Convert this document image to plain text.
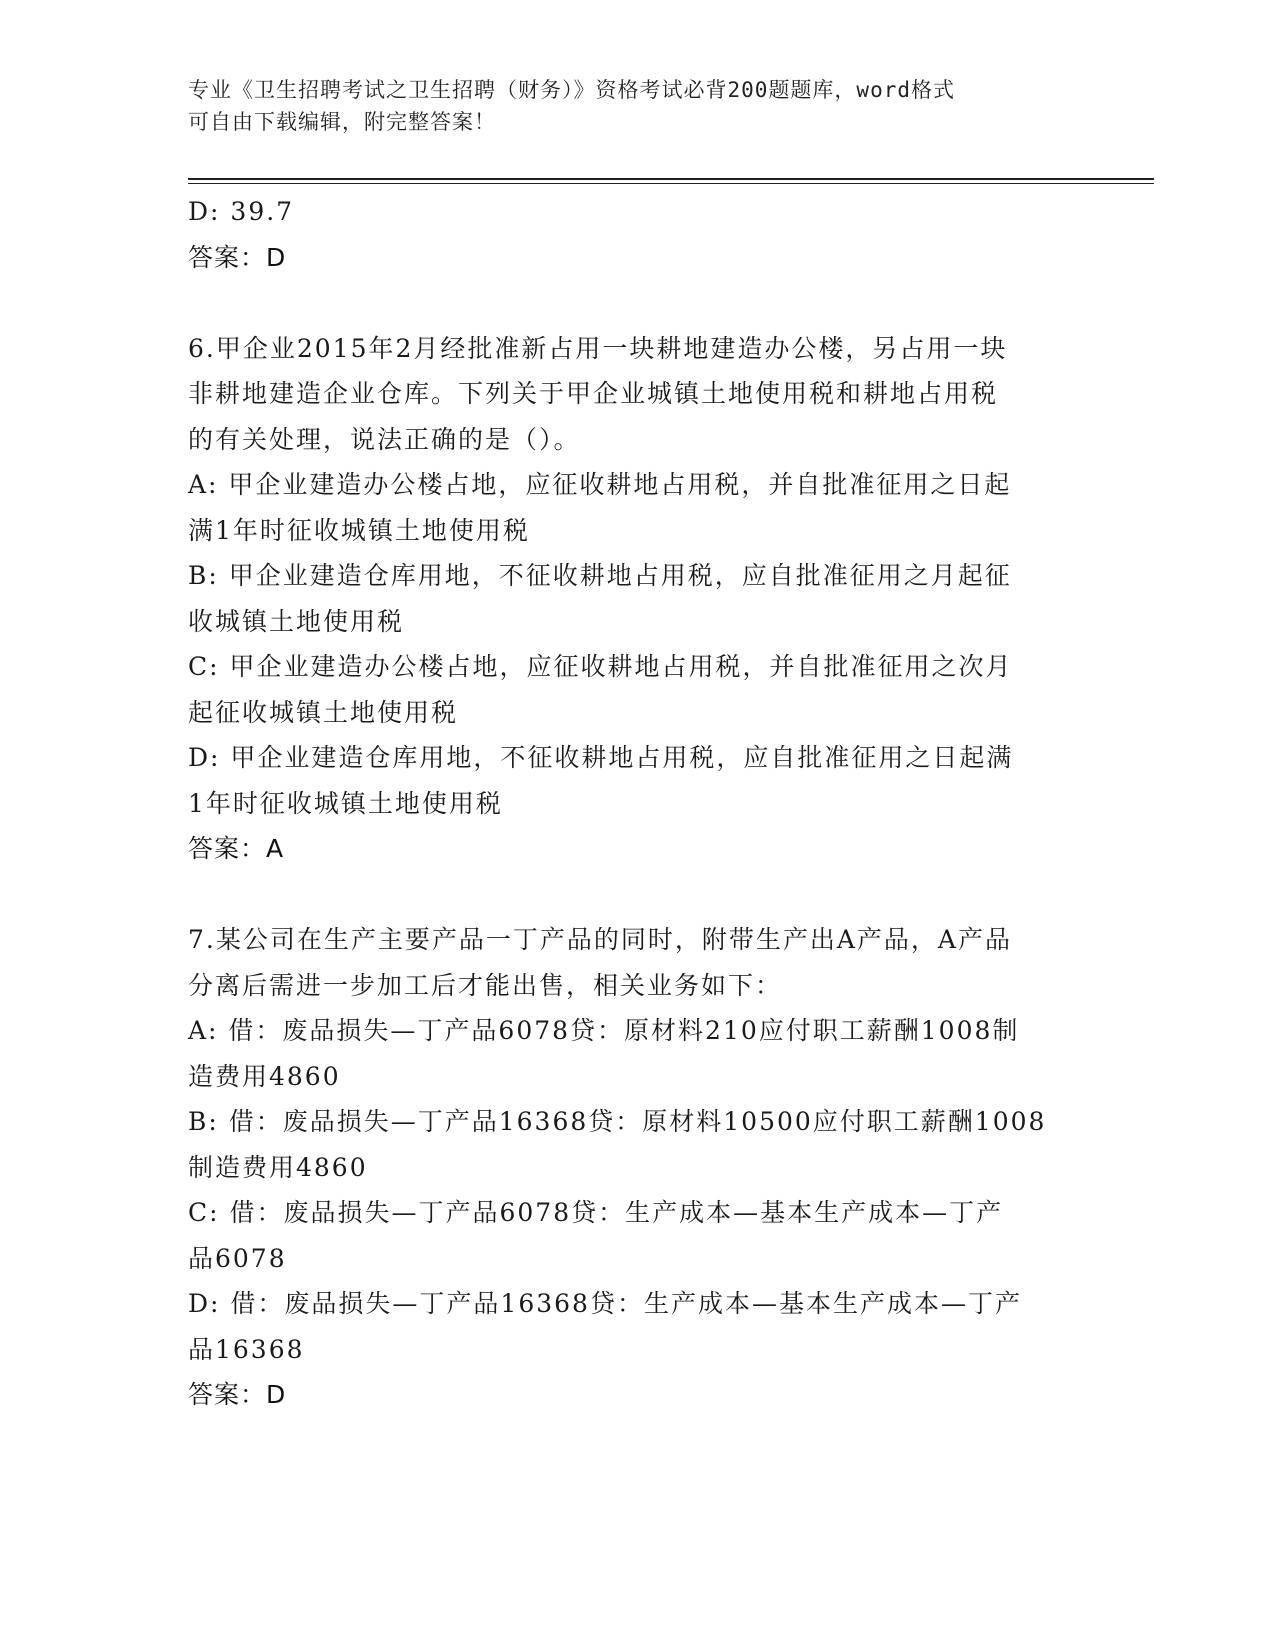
专业《卫生招聘考试之卫生招聘（财务）》资格考试必背200题题库，word格式
可自由下载编辑，附完整答案！
D: 39.7
答案：D
6.甲企业2015年2月经批准新占用一块耕地建造办公楼，另占用一块
非耕地建造企业仓库。下列关于甲企业城镇土地使用税和耕地占用税
的有关处理，说法正确的是（）。
A: 甲企业建造办公楼占地，应征收耕地占用税，并自批准征用之日起
满1年时征收城镇土地使用税
B: 甲企业建造仓库用地，不征收耕地占用税，应自批准征用之月起征
收城镇土地使用税
C: 甲企业建造办公楼占地，应征收耕地占用税，并自批准征用之次月
起征收城镇土地使用税
D: 甲企业建造仓库用地，不征收耕地占用税，应自批准征用之日起满
1年时征收城镇土地使用税
答案：A
7.某公司在生产主要产品一丁产品的同时，附带生产出A产品，A产品
分离后需进一步加工后才能出售，相关业务如下：
A: 借：废品损失—丁产品6078贷：原材料210应付职工薪酬1008制
造费用4860
B: 借：废品损失—丁产品16368贷：原材料10500应付职工薪酬1008
制造费用4860
C: 借：废品损失—丁产品6078贷：生产成本—基本生产成本—丁产
品6078
D: 借：废品损失—丁产品16368贷：生产成本—基本生产成本—丁产
品16368
答案：D
